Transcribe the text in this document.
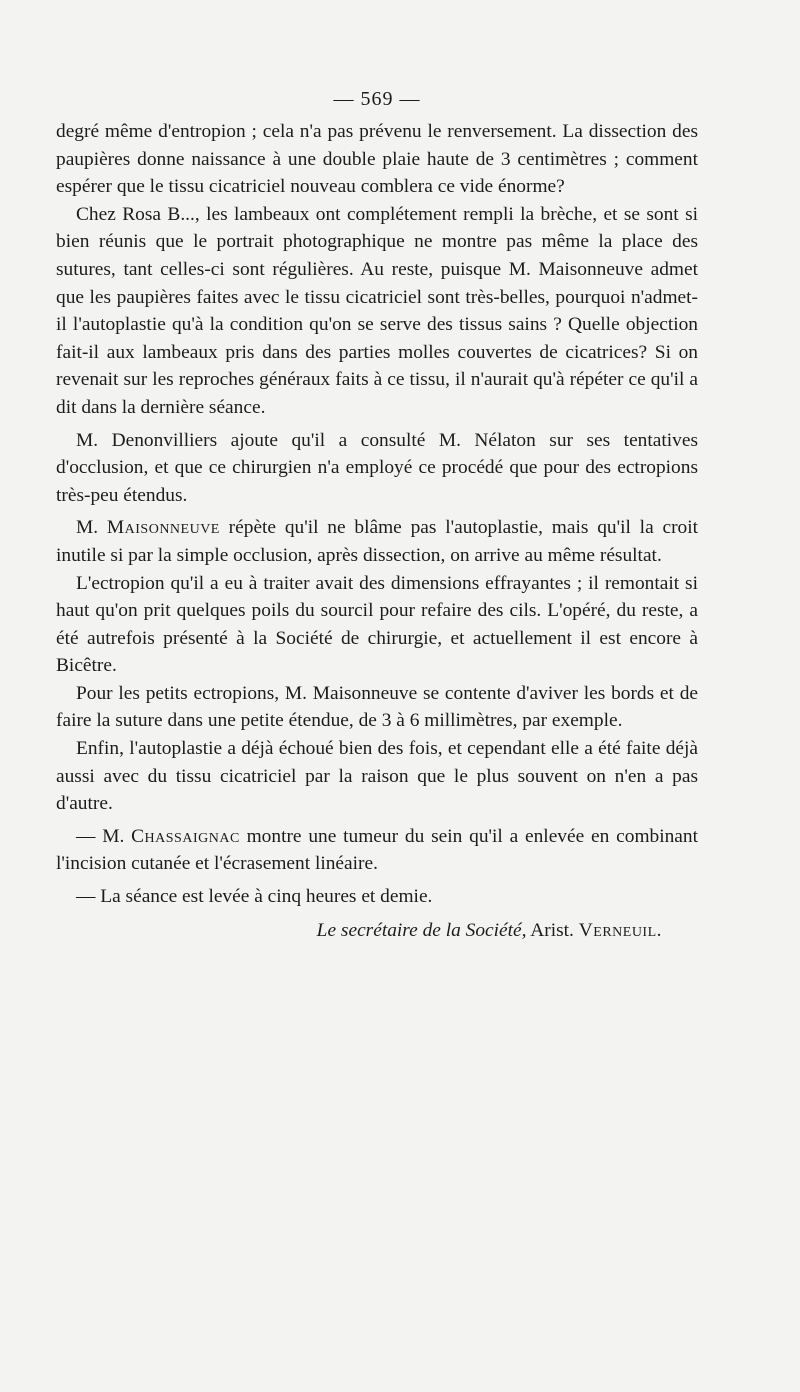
— 569 —

degré même d'entropion ; cela n'a pas prévenu le renversement. La dissection des paupières donne naissance à une double plaie haute de 3 centimètres ; comment espérer que le tissu cicatriciel nouveau comblera ce vide énorme?

Chez Rosa B..., les lambeaux ont complétement rempli la brèche, et se sont si bien réunis que le portrait photographique ne montre pas même la place des sutures, tant celles-ci sont régulières. Au reste, puisque M. Maisonneuve admet que les paupières faites avec le tissu cicatriciel sont très-belles, pourquoi n'admet-il l'autoplastie qu'à la condition qu'on se serve des tissus sains ? Quelle objection fait-il aux lambeaux pris dans des parties molles couvertes de cicatrices? Si on revenait sur les reproches généraux faits à ce tissu, il n'aurait qu'à répéter ce qu'il a dit dans la dernière séance.

M. Denonvilliers ajoute qu'il a consulté M. Nélaton sur ses tentatives d'occlusion, et que ce chirurgien n'a employé ce procédé que pour des ectropions très-peu étendus.

M. Maisonneuve répète qu'il ne blâme pas l'autoplastie, mais qu'il la croit inutile si par la simple occlusion, après dissection, on arrive au même résultat.

L'ectropion qu'il a eu à traiter avait des dimensions effrayantes ; il remontait si haut qu'on prit quelques poils du sourcil pour refaire des cils. L'opéré, du reste, a été autrefois présenté à la Société de chirurgie, et actuellement il est encore à Bicêtre.

Pour les petits ectropions, M. Maisonneuve se contente d'aviver les bords et de faire la suture dans une petite étendue, de 3 à 6 millimètres, par exemple.

Enfin, l'autoplastie a déjà échoué bien des fois, et cependant elle a été faite déjà aussi avec du tissu cicatriciel par la raison que le plus souvent on n'en a pas d'autre.

— M. Chassaignac montre une tumeur du sein qu'il a enlevée en combinant l'incision cutanée et l'écrasement linéaire.

— La séance est levée à cinq heures et demie.

Le secrétaire de la Société, Arist. Verneuil.
